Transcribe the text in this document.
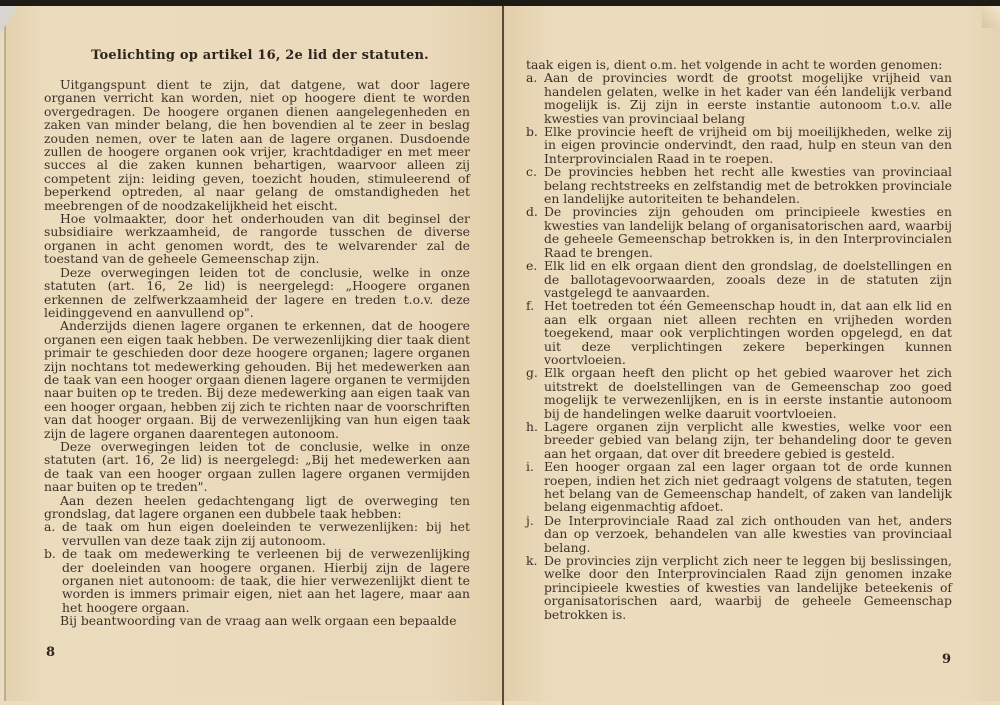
Toelichting op artikel 16, 2e lid der statuten.

Uitgangspunt dient te zijn, dat datgene, wat door lagere organen verricht kan worden, niet op hoogere dient te worden overgedragen. De hoogere organen dienen aangelegenheden en zaken van minder belang, die hen bovendien al te zeer in beslag zouden nemen, over te laten aan de lagere organen. Dusdoende zullen de hoogere organen ook vrijer, krachtdadiger en met meer succes al die zaken kunnen behartigen, waarvoor alleen zij competent zijn: leiding geven, toezicht houden, stimuleerend of beperkend optreden, al naar gelang de omstandigheden het meebrengen of de noodzakelijkheid het eischt.

Hoe volmaakter, door het onderhouden van dit beginsel der subsidiaire werkzaamheid, de rangorde tusschen de diverse organen in acht genomen wordt, des te welvarender zal de toestand van de geheele Gemeenschap zijn.

Deze overwegingen leiden tot de conclusie, welke in onze statuten (art. 16, 2e lid) is neergelegd: „Hoogere organen erkennen de zelfwerkzaamheid der lagere en treden t.o.v. deze leidinggevend en aanvullend op".

Anderzijds dienen lagere organen te erkennen, dat de hoogere organen een eigen taak hebben. De verwezenlijking dier taak dient primair te geschieden door deze hoogere organen; lagere organen zijn nochtans tot medewerking gehouden. Bij het medewerken aan de taak van een hooger orgaan dienen lagere organen te vermijden naar buiten op te treden. Bij deze medewerking aan eigen taak van een hooger orgaan, hebben zij zich te richten naar de voorschriften van dat hooger orgaan. Bij de verwezenlijking van hun eigen taak zijn de lagere organen daarentegen autonoom.

Deze overwegingen leiden tot de conclusie, welke in onze statuten (art. 16, 2e lid) is neergelegd: „Bij het medewerken aan de taak van een hooger orgaan zullen lagere organen vermijden naar buiten op te treden".

Aan dezen heelen gedachtengang ligt de overweging ten grondslag, dat lagere organen een dubbele taak hebben:

a. de taak om hun eigen doeleinden te verwezenlijken: bij het vervullen van deze taak zijn zij autonoom.
b. de taak om medewerking te verleenen bij de verwezenlijking der doeleinden van hoogere organen. Hierbij zijn de lagere organen niet autonoom: de taak, die hier verwezenlijkt dient te worden is immers primair eigen, niet aan het lagere, maar aan het hoogere orgaan.

Bij beantwoording van de vraag aan welk orgaan een bepaalde

8

taak eigen is, dient o.m. het volgende in acht te worden genomen:

a. Aan de provincies wordt de grootst mogelijke vrijheid van handelen gelaten, welke in het kader van één landelijk verband mogelijk is. Zij zijn in eerste instantie autonoom t.o.v. alle kwesties van provinciaal belang
b. Elke provincie heeft de vrijheid om bij moeilijkheden, welke zij in eigen provincie ondervindt, den raad, hulp en steun van den Interprovincialen Raad in te roepen.
c. De provincies hebben het recht alle kwesties van provinciaal belang rechtstreeks en zelfstandig met de betrokken provinciale en landelijke autoriteiten te behandelen.
d. De provincies zijn gehouden om principieele kwesties en kwesties van landelijk belang of organisatorischen aard, waarbij de geheele Gemeenschap betrokken is, in den Interprovincialen Raad te brengen.
e. Elk lid en elk orgaan dient den grondslag, de doelstellingen en de ballotagevoorwaarden, zooals deze in de statuten zijn vastgelegd te aanvaarden.
f. Het toetreden tot één Gemeenschap houdt in, dat aan elk lid en aan elk orgaan niet alleen rechten en vrijheden worden toegekend, maar ook verplichtingen worden opgelegd, en dat uit deze verplichtingen zekere beperkingen kunnen voortvloeien.
g. Elk orgaan heeft den plicht op het gebied waarover het zich uitstrekt de doelstellingen van de Gemeenschap zoo goed mogelijk te verwezenlijken, en is in eerste instantie autonoom bij de handelingen welke daaruit voortvloeien.
h. Lagere organen zijn verplicht alle kwesties, welke voor een breeder gebied van belang zijn, ter behandeling door te geven aan het orgaan, dat over dit breedere gebied is gesteld.
i. Een hooger orgaan zal een lager orgaan tot de orde kunnen roepen, indien het zich niet gedraagt volgens de statuten, tegen het belang van de Gemeenschap handelt, of zaken van landelijk belang eigenmachtig afdoet.
j. De Interprovinciale Raad zal zich onthouden van het, anders dan op verzoek, behandelen van alle kwesties van provinciaal belang.
k. De provincies zijn verplicht zich neer te leggen bij beslissingen, welke door den Interprovincialen Raad zijn genomen inzake principieele kwesties of kwesties van landelijke beteekenis of organisatorischen aard, waarbij de geheele Gemeenschap betrokken is.
9
